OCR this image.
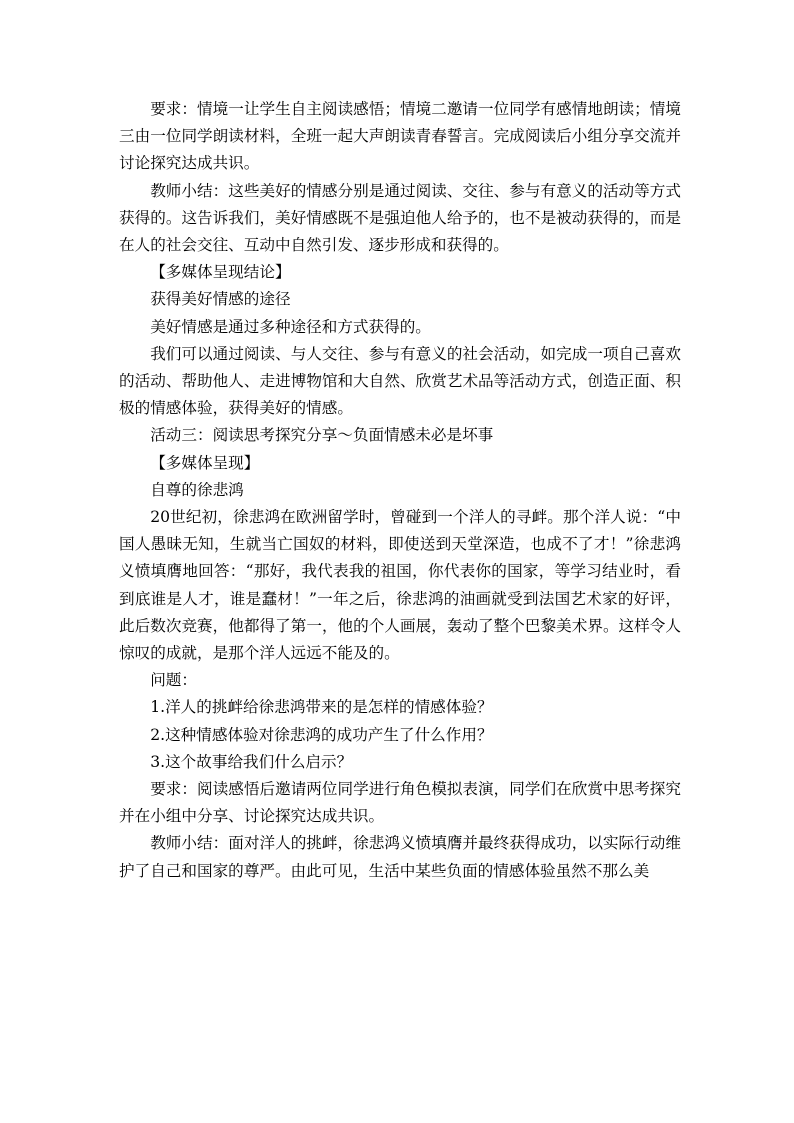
要求：情境一让学生自主阅读感悟；情境二邀请一位同学有感情地朗读；情境三由一位同学朗读材料，全班一起大声朗读青春誓言。完成阅读后小组分享交流并讨论探究达成共识。

教师小结：这些美好的情感分别是通过阅读、交往、参与有意义的活动等方式获得的。这告诉我们，美好情感既不是强迫他人给予的，也不是被动获得的，而是在人的社会交往、互动中自然引发、逐步形成和获得的。

【多媒体呈现结论】

获得美好情感的途径

美好情感是通过多种途径和方式获得的。

我们可以通过阅读、与人交往、参与有意义的社会活动，如完成一项自己喜欢的活动、帮助他人、走进博物馆和大自然、欣赏艺术品等活动方式，创造正面、积极的情感体验，获得美好的情感。

活动三：阅读思考探究分享～负面情感未必是坏事

【多媒体呈现】

自尊的徐悲鸿

20世纪初，徐悲鸿在欧洲留学时，曾碰到一个洋人的寻衅。那个洋人说：“中国人愚昧无知，生就当亡国奴的材料，即使送到天堂深造，也成不了才！”徐悲鸿义愤填膺地回答：“那好，我代表我的祖国，你代表你的国家，等学习结业时，看到底谁是人才，谁是蠢材！”一年之后，徐悲鸿的油画就受到法国艺术家的好评，此后数次竞赛，他都得了第一，他的个人画展，轰动了整个巴黎美术界。这样令人惊叹的成就，是那个洋人远远不能及的。

问题：

1.洋人的挑衅给徐悲鸿带来的是怎样的情感体验？

2.这种情感体验对徐悲鸿的成功产生了什么作用？

3.这个故事给我们什么启示？

要求：阅读感悟后邀请两位同学进行角色模拟表演，同学们在欣赏中思考探究并在小组中分享、讨论探究达成共识。

教师小结：面对洋人的挑衅，徐悲鸿义愤填膺并最终获得成功，以实际行动维护了自己和国家的尊严。由此可见，生活中某些负面的情感体验虽然不那么美
